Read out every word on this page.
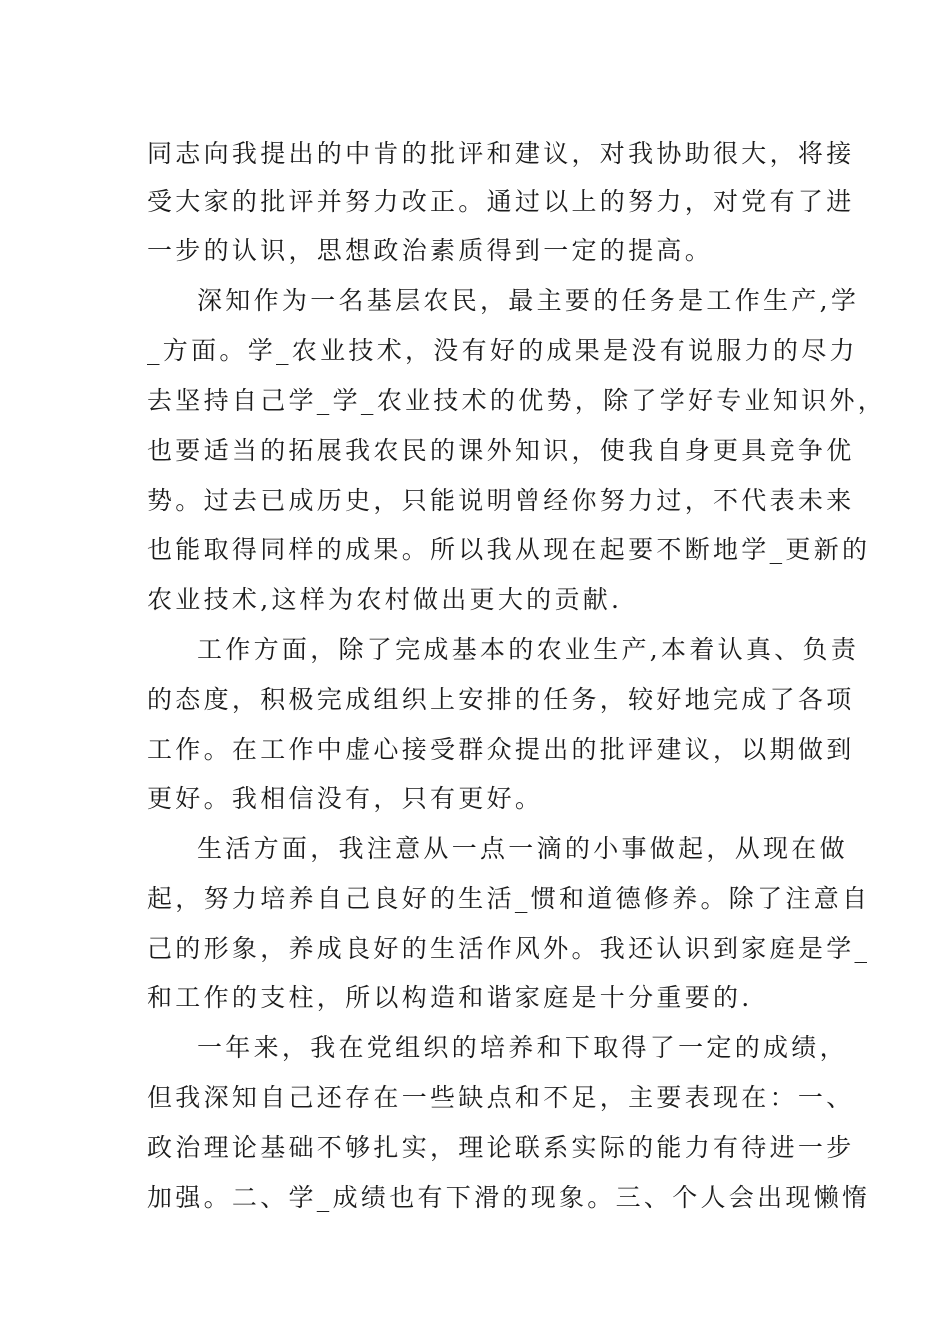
同志向我提出的中肯的批评和建议，对我协助很大，将接
受大家的批评并努力改正。通过以上的努力，对党有了进
一步的认识，思想政治素质得到一定的提高。
深知作为一名基层农民，最主要的任务是工作生产,学
_方面。学_农业技术，没有好的成果是没有说服力的尽力
去坚持自己学_学_农业技术的优势，除了学好专业知识外，
也要适当的拓展我农民的课外知识，使我自身更具竞争优
势。过去已成历史，只能说明曾经你努力过，不代表未来
也能取得同样的成果。所以我从现在起要不断地学_更新的
农业技术,这样为农村做出更大的贡献.
工作方面，除了完成基本的农业生产,本着认真、负责
的态度，积极完成组织上安排的任务，较好地完成了各项
工作。在工作中虚心接受群众提出的批评建议，以期做到
更好。我相信没有，只有更好。
生活方面，我注意从一点一滴的小事做起，从现在做
起，努力培养自己良好的生活_惯和道德修养。除了注意自
己的形象，养成良好的生活作风外。我还认识到家庭是学_
和工作的支柱，所以构造和谐家庭是十分重要的.
一年来，我在党组织的培养和下取得了一定的成绩，
但我深知自己还存在一些缺点和不足，主要表现在：一、
政治理论基础不够扎实，理论联系实际的能力有待进一步
加强。二、学_成绩也有下滑的现象。三、个人会出现懒惰
